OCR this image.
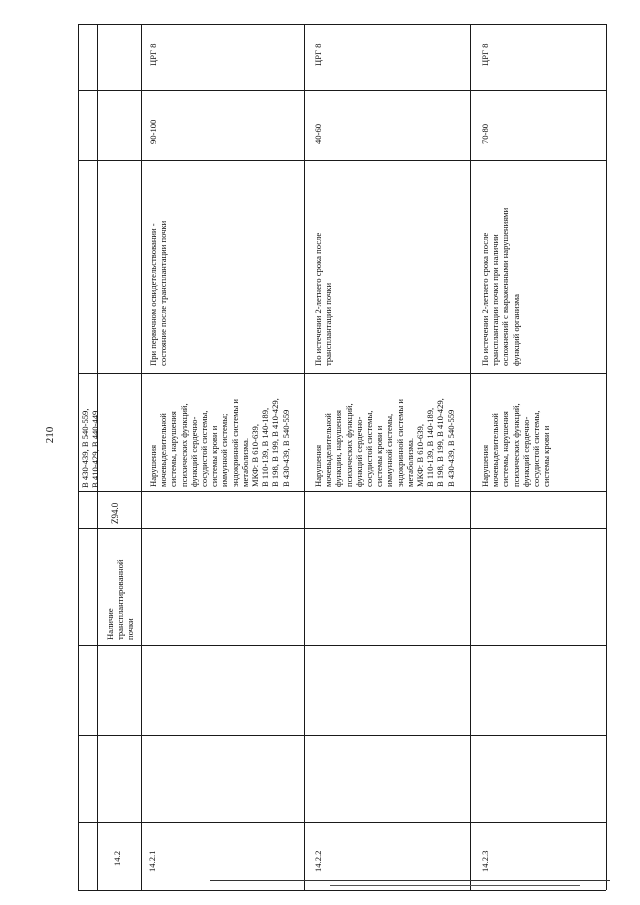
210
В 430-439, В 540-559,
В 410-429, В 440-449
14.2
Наличие
трансплантированной
почки
Z94.0
14.2.1
Нарушения
мочевыделительной
системы, нарушения
психических функций,
функций сердечно-
сосудистой системы,
системы крови и
иммунной системы;
эндокринной системы и
метаболизма.
МКФ: В 610-639,
В 110-139, В 140-189,
В 198, В 199, В 410-429,
В 430-439, В 540-559
При первичном освидетельствовании -
состояние после трансплантации почки
90-100
ЦРГ 8
14.2.2
Нарушения
мочевыделительной
функции, нарушения
психических функций,
функций сердечно-
сосудистой системы,
системы крови и
иммунной системы,
эндокринной системы и
метаболизма.
МКФ: В 610-639,
В 110-139, В 140-189,
В 198, В 199, В 410-429,
В 430-439, В 540-559
По истечении 2-летнего срока после
трансплантации почки
40-60
ЦРГ 8
14.2.3
Нарушения
мочевыделительной
системы, нарушения
психических функций,
функций сердечно-
сосудистой системы,
системы крови и
По истечении 2-летнего срока после
трансплантации почки при наличии
осложнений с выраженными нарушениями
функций организма
70-80
ЦРГ 8
